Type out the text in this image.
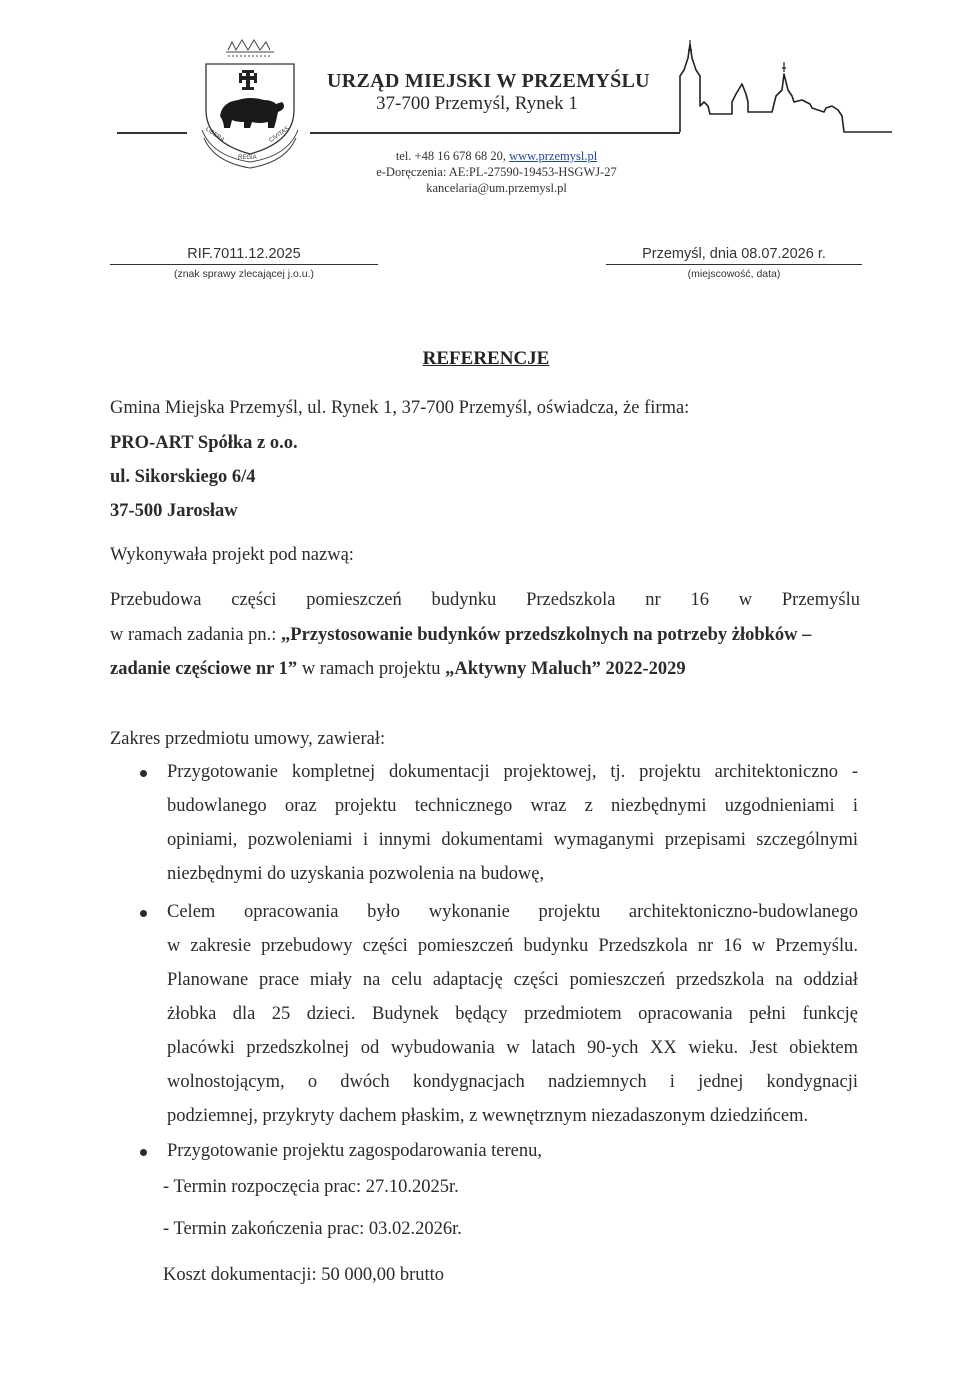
LIBERA
REGIA
CIVITAS
URZĄD MIEJSKI W PRZEMYŚLU
37-700 Przemyśl, Rynek 1
tel. +48 16 678 68 20, www.przemysl.pl
e-Doręczenia: AE:PL-27590-19453-HSGWJ-27
kancelaria@um.przemysl.pl
RIF.7011.12.2025
(znak sprawy zlecającej j.o.u.)
Przemyśl, dnia 08.07.2026 r.
(miejscowość, data)
REFERENCJE
Gmina Miejska Przemyśl, ul. Rynek 1, 37-700 Przemyśl, oświadcza, że firma:
PRO-ART Spółka z o.o.
ul. Sikorskiego 6/4
37-500 Jarosław
Wykonywała projekt pod nazwą:
Przebudowa części pomieszczeń budynku Przedszkola nr 16 w Przemyślu
w ramach zadania pn.: „Przystosowanie budynków przedszkolnych na potrzeby żłobków –
zadanie częściowe nr 1” w ramach projektu „Aktywny Maluch” 2022-2029
Zakres przedmiotu umowy, zawierał:
Przygotowanie kompletnej dokumentacji projektowej, tj. projektu architektoniczno -
budowlanego oraz projektu technicznego wraz z niezbędnymi uzgodnieniami i
opiniami, pozwoleniami i innymi dokumentami wymaganymi przepisami szczególnymi
niezbędnymi do uzyskania pozwolenia na budowę,
Celem opracowania było wykonanie projektu architektoniczno-budowlanego
w zakresie przebudowy części pomieszczeń budynku Przedszkola nr 16 w Przemyślu.
Planowane prace miały na celu adaptację części pomieszczeń przedszkola na oddział
żłobka dla 25 dzieci. Budynek będący przedmiotem opracowania pełni funkcję
placówki przedszkolnej od wybudowania w latach 90-ych XX wieku. Jest obiektem
wolnostojącym, o dwóch kondygnacjach nadziemnych i jednej kondygnacji
podziemnej, przykryty dachem płaskim, z wewnętrznym niezadaszonym dziedzińcem.
Przygotowanie projektu zagospodarowania terenu,
- Termin rozpoczęcia prac: 27.10.2025r.
- Termin zakończenia prac: 03.02.2026r.
Koszt dokumentacji: 50 000,00 brutto
